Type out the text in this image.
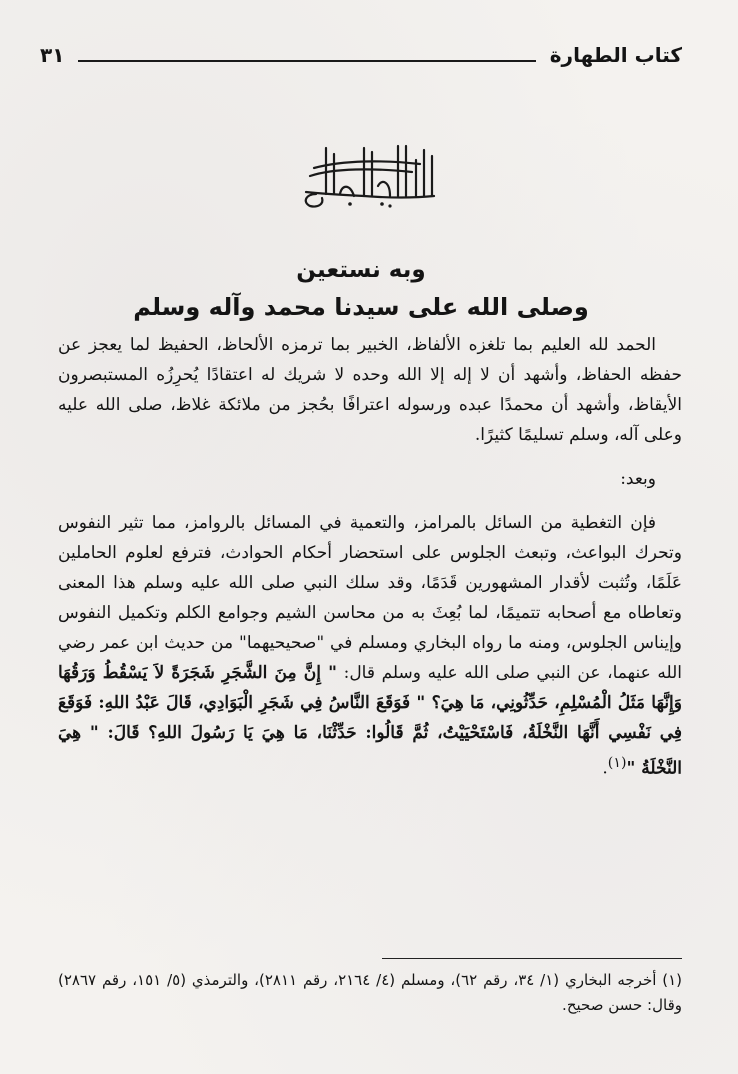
كتاب الطهارة
٣١
وبه نستعين
وصلى الله على سيدنا محمد وآله وسلم

الحمد لله العليم بما تلغزه الألفاظ، الخبير بما ترمزه الألحاظ، الحفيظ لما يعجز عن حفظه الحفاظ، وأشهد أن لا إله إلا الله وحده لا شريك له اعتقادًا يُحرِزُه المستبصرون الأيقاظ، وأشهد أن محمدًا عبده ورسوله اعترافًا بحُجز من ملائكة غلاظ، صلى الله عليه وعلى آله، وسلم تسليمًا كثيرًا.

وبعد:

فإن التغطية من السائل بالمرامز، والتعمية في المسائل بالروامز، مما تثير النفوس وتحرك البواعث، وتبعث الجلوس على استحضار أحكام الحوادث، فترفع لعلوم الحاملين عَلَمًا، وتُثبت لأقدار المشهورين قَدَمًا، وقد سلك النبي صلى الله عليه وسلم هذا المعنى وتعاطاه مع أصحابه تتميمًا، لما بُعِثَ به من محاسن الشيم وجوامع الكلم وتكميل النفوس وإيناس الجلوس، ومنه ما رواه البخاري ومسلم في "صحيحيهما" من حديث ابن عمر رضي الله عنهما، عن النبي صلى الله عليه وسلم قال: " إِنَّ مِنَ الشَّجَرِ شَجَرَةً لاَ يَسْقُطُ وَرَقُهَا وَإِنَّهَا مَثَلُ الْمُسْلِمِ، حَدِّثُونِي، مَا هِيَ؟ " فَوَقَعَ النَّاسُ فِي شَجَرِ الْبَوَادِي، قَالَ عَبْدُ اللهِ: فَوَقَعَ فِي نَفْسِي أَنَّهَا النَّخْلَةُ، فَاسْتَحْيَيْتُ، ثُمَّ قَالُوا: حَدِّثْنَا، مَا هِيَ يَا رَسُولَ اللهِ؟ قَالَ: " هِيَ النَّخْلَةُ "$^{(١)}$.

(١) أخرجه البخاري (١/ ٣٤، رقم ٦٢)، ومسلم (٤/ ٢١٦٤، رقم ٢٨١١)، والترمذي (٥/ ١٥١، رقم ٢٨٦٧) وقال: حسن صحيح.
